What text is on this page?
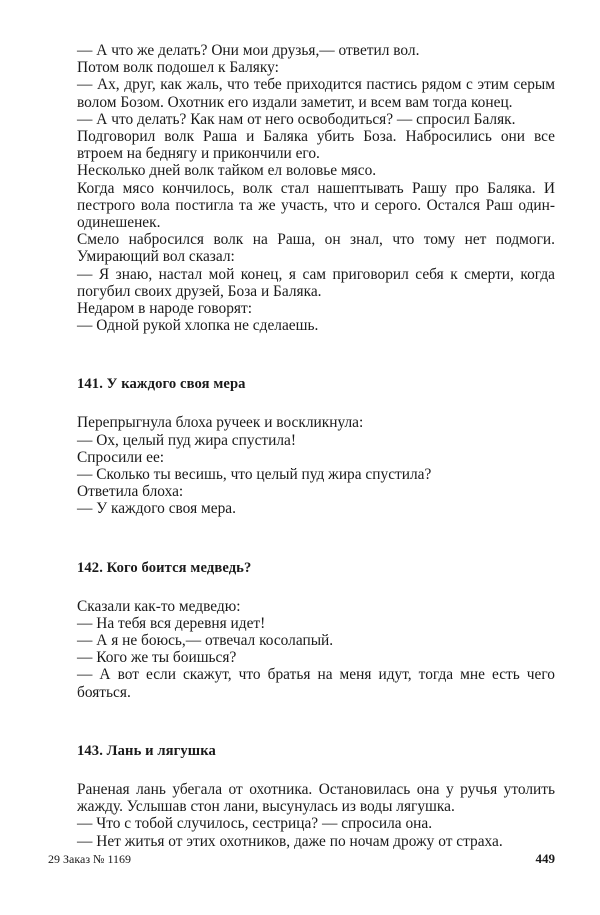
— А что же делать? Они мои друзья,— ответил вол.

Потом волк подошел к Баляку:

— Ах, друг, как жаль, что тебе приходится пастись рядом с этим серым волом Бозом. Охотник его издали заметит, и всем вам тогда конец.

— А что делать? Как нам от него освободиться? — спросил Баляк.

Подговорил волк Раша и Баляка убить Боза. Набросились они все втроем на беднягу и прикончили его.

Несколько дней волк тайком ел воловье мясо.

Когда мясо кончилось, волк стал нашептывать Рашу про Баляка. И пестрого вола постигла та же участь, что и серого. Остался Раш один-одинешенек.

Смело набросился волк на Раша, он знал, что тому нет подмоги. Умирающий вол сказал:

— Я знаю, настал мой конец, я сам приговорил себя к смерти, когда погубил своих друзей, Боза и Баляка.

Недаром в народе говорят:

— Одной рукой хлопка не сделаешь.

141. У каждого своя мера

Перепрыгнула блоха ручеек и воскликнула:

— Ох, целый пуд жира спустила!

Спросили ее:

— Сколько ты весишь, что целый пуд жира спустила?

Ответила блоха:

— У каждого своя мера.

142. Кого боится медведь?

Сказали как-то медведю:

— На тебя вся деревня идет!

— А я не боюсь,— отвечал косолапый.

— Кого же ты боишься?

— А вот если скажут, что братья на меня идут, тогда мне есть чего бояться.

143. Лань и лягушка

Раненая лань убегала от охотника. Остановилась она у ручья утолить жажду. Услышав стон лани, высунулась из воды лягушка.

— Что с тобой случилось, сестрица? — спросила она.

— Нет житья от этих охотников, даже по ночам дрожу от страха.

29 Заказ № 1169	449
